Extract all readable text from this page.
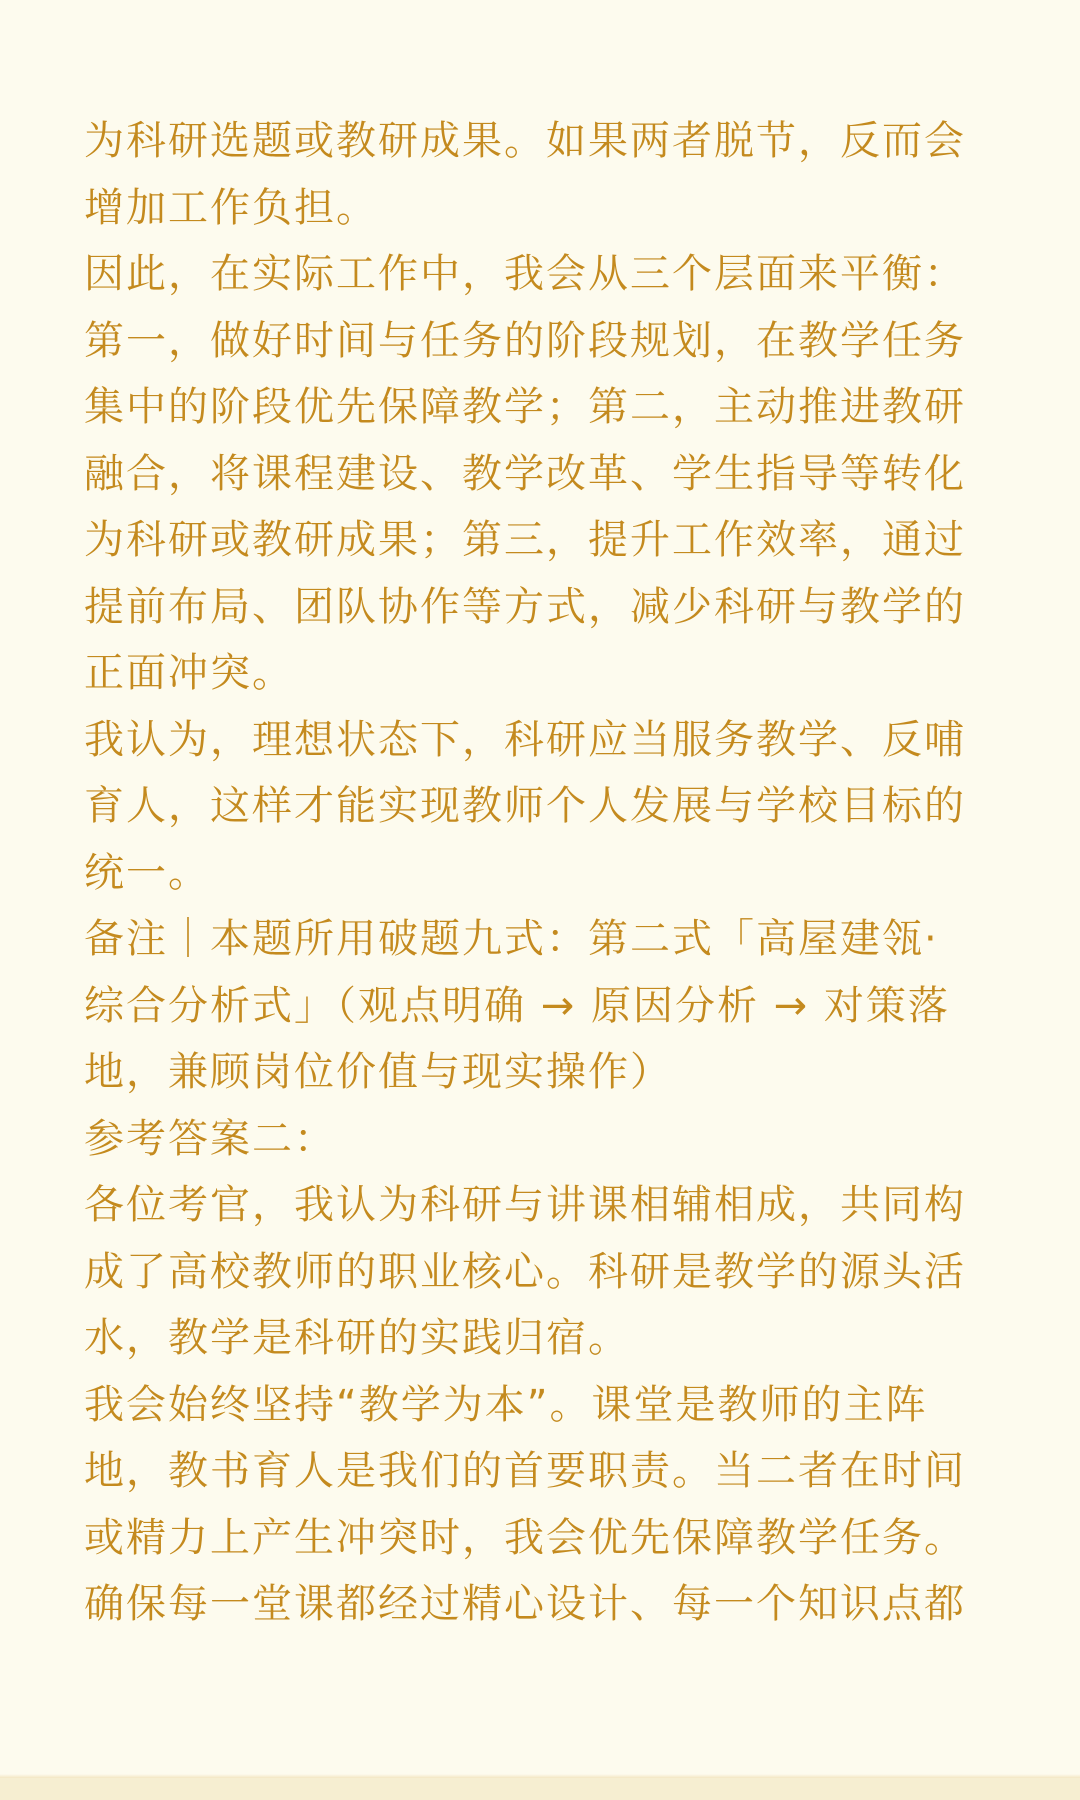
为科研选题或教研成果。如果两者脱节，反而会
增加工作负担。
因此，在实际工作中，我会从三个层面来平衡：
第一，做好时间与任务的阶段规划，在教学任务
集中的阶段优先保障教学；第二，主动推进教研
融合，将课程建设、教学改革、学生指导等转化
为科研或教研成果；第三，提升工作效率，通过
提前布局、团队协作等方式，减少科研与教学的
正面冲突。
我认为，理想状态下，科研应当服务教学、反哺
育人，这样才能实现教师个人发展与学校目标的
统一。
备注｜本题所用破题九式：第二式「高屋建瓴·
综合分析式」（观点明确 → 原因分析 → 对策落
地，兼顾岗位价值与现实操作）
参考答案二：
各位考官，我认为科研与讲课相辅相成，共同构
成了高校教师的职业核心。科研是教学的源头活
水，教学是科研的实践归宿。
我会始终坚持“教学为本”。课堂是教师的主阵
地，教书育人是我们的首要职责。当二者在时间
或精力上产生冲突时，我会优先保障教学任务。
确保每一堂课都经过精心设计、每一个知识点都
